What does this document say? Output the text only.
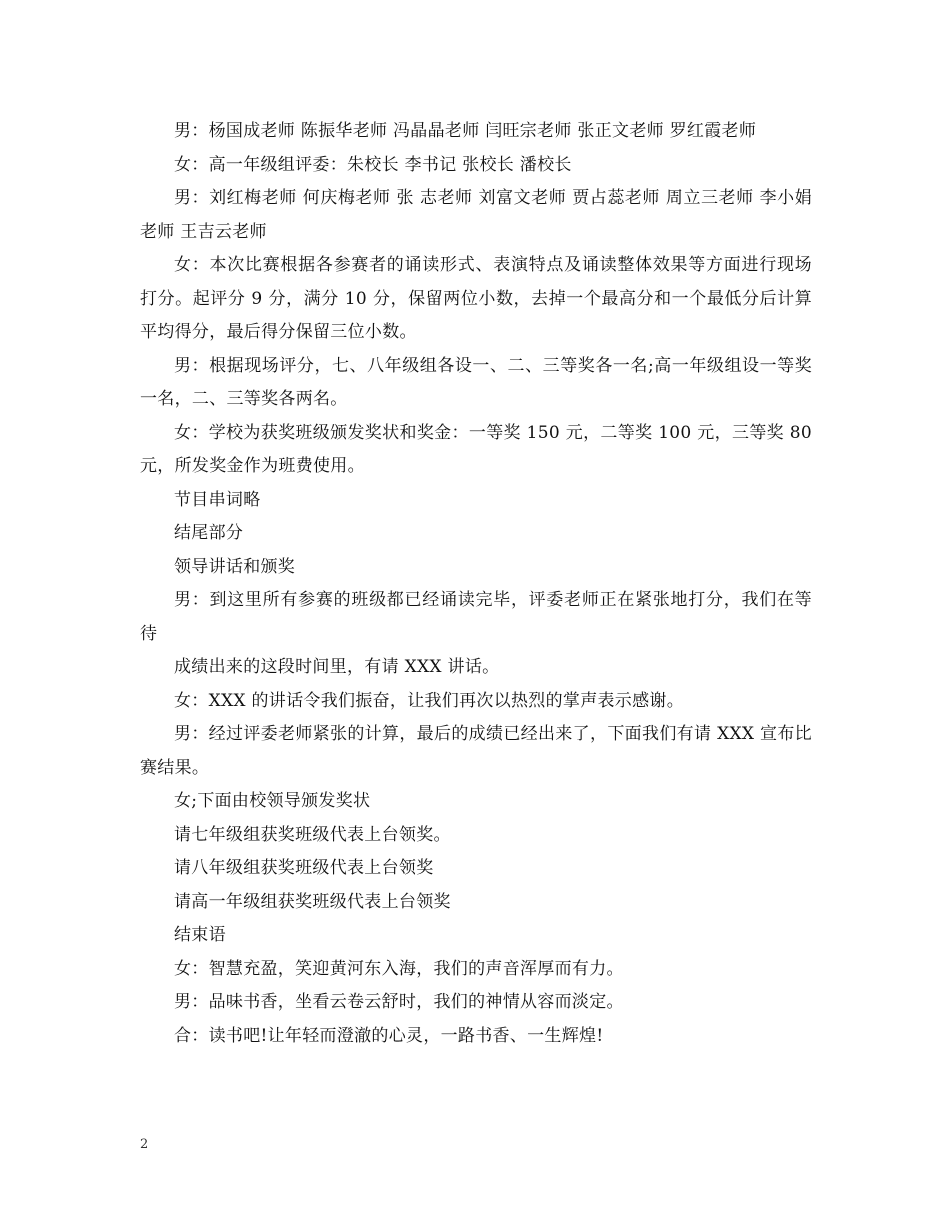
男：杨国成老师 陈振华老师 冯晶晶老师 闫旺宗老师 张正文老师 罗红霞老师

女：高一年级组评委：朱校长 李书记 张校长 潘校长

男：刘红梅老师 何庆梅老师 张 志老师 刘富文老师 贾占蕊老师 周立三老师 李小娟老师 王吉云老师

女：本次比赛根据各参赛者的诵读形式、表演特点及诵读整体效果等方面进行现场打分。起评分 9 分，满分 10 分，保留两位小数，去掉一个最高分和一个最低分后计算平均得分，最后得分保留三位小数。

男：根据现场评分，七、八年级组各设一、二、三等奖各一名;高一年级组设一等奖一名，二、三等奖各两名。

女：学校为获奖班级颁发奖状和奖金：一等奖 150 元，二等奖 100 元，三等奖 80 元，所发奖金作为班费使用。

节目串词略

结尾部分

领导讲话和颁奖

男：到这里所有参赛的班级都已经诵读完毕，评委老师正在紧张地打分，我们在等待

成绩出来的这段时间里，有请 XXX 讲话。

女：XXX 的讲话令我们振奋，让我们再次以热烈的掌声表示感谢。

男：经过评委老师紧张的计算，最后的成绩已经出来了，下面我们有请 XXX 宣布比赛结果。

女;下面由校领导颁发奖状

请七年级组获奖班级代表上台领奖。

请八年级组获奖班级代表上台领奖

请高一年级组获奖班级代表上台领奖

结束语

女：智慧充盈，笑迎黄河东入海，我们的声音浑厚而有力。

男：品味书香，坐看云卷云舒时，我们的神情从容而淡定。

合：读书吧!让年轻而澄澈的心灵，一路书香、一生辉煌!

2
